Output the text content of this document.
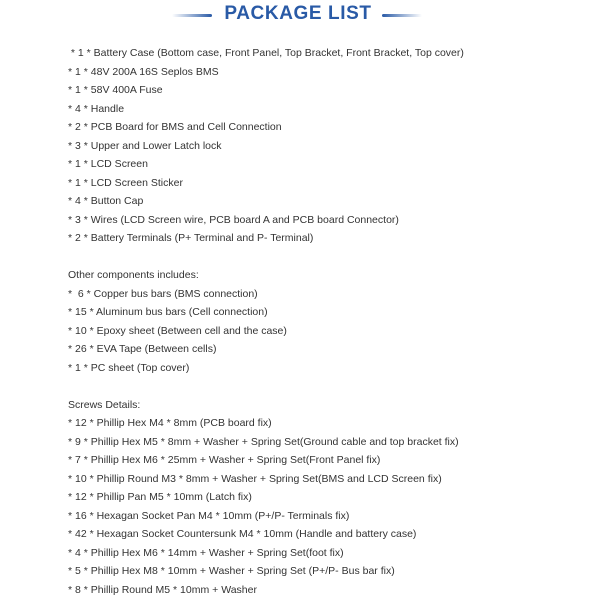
PACKAGE LIST
* 1 * Battery Case (Bottom case, Front Panel, Top Bracket, Front Bracket, Top cover)
* 1 * 48V 200A 16S Seplos BMS
* 1 * 58V 400A Fuse
* 4 * Handle
* 2 * PCB Board for BMS and Cell Connection
* 3 * Upper and Lower Latch lock
* 1 * LCD Screen
* 1 * LCD Screen Sticker
* 4 * Button Cap
* 3 * Wires (LCD Screen wire, PCB board A and PCB board Connector)
* 2 * Battery Terminals (P+ Terminal and P- Terminal)
Other components includes:
*  6 * Copper bus bars (BMS connection)
* 15 * Aluminum bus bars (Cell connection)
* 10 * Epoxy sheet (Between cell and the case)
* 26 * EVA Tape (Between cells)
* 1 * PC sheet (Top cover)
Screws Details:
* 12 * Phillip Hex M4 * 8mm (PCB board fix)
* 9 * Phillip Hex M5 * 8mm + Washer + Spring Set(Ground cable and top bracket fix)
* 7 * Phillip Hex M6 * 25mm + Washer + Spring Set(Front Panel fix)
* 10 * Phillip Round M3 * 8mm + Washer + Spring Set(BMS and LCD Screen fix)
* 12 * Phillip Pan M5 * 10mm (Latch fix)
* 16 * Hexagan Socket Pan M4 * 10mm (P+/P- Terminals fix)
* 42 * Hexagan Socket Countersunk M4 * 10mm (Handle and battery case)
* 4 * Phillip Hex M6 * 14mm + Washer + Spring Set(foot fix)
* 5 * Phillip Hex M8 * 10mm + Washer + Spring Set (P+/P- Bus bar fix)
* 8 * Phillip Round M5 * 10mm + Washer
